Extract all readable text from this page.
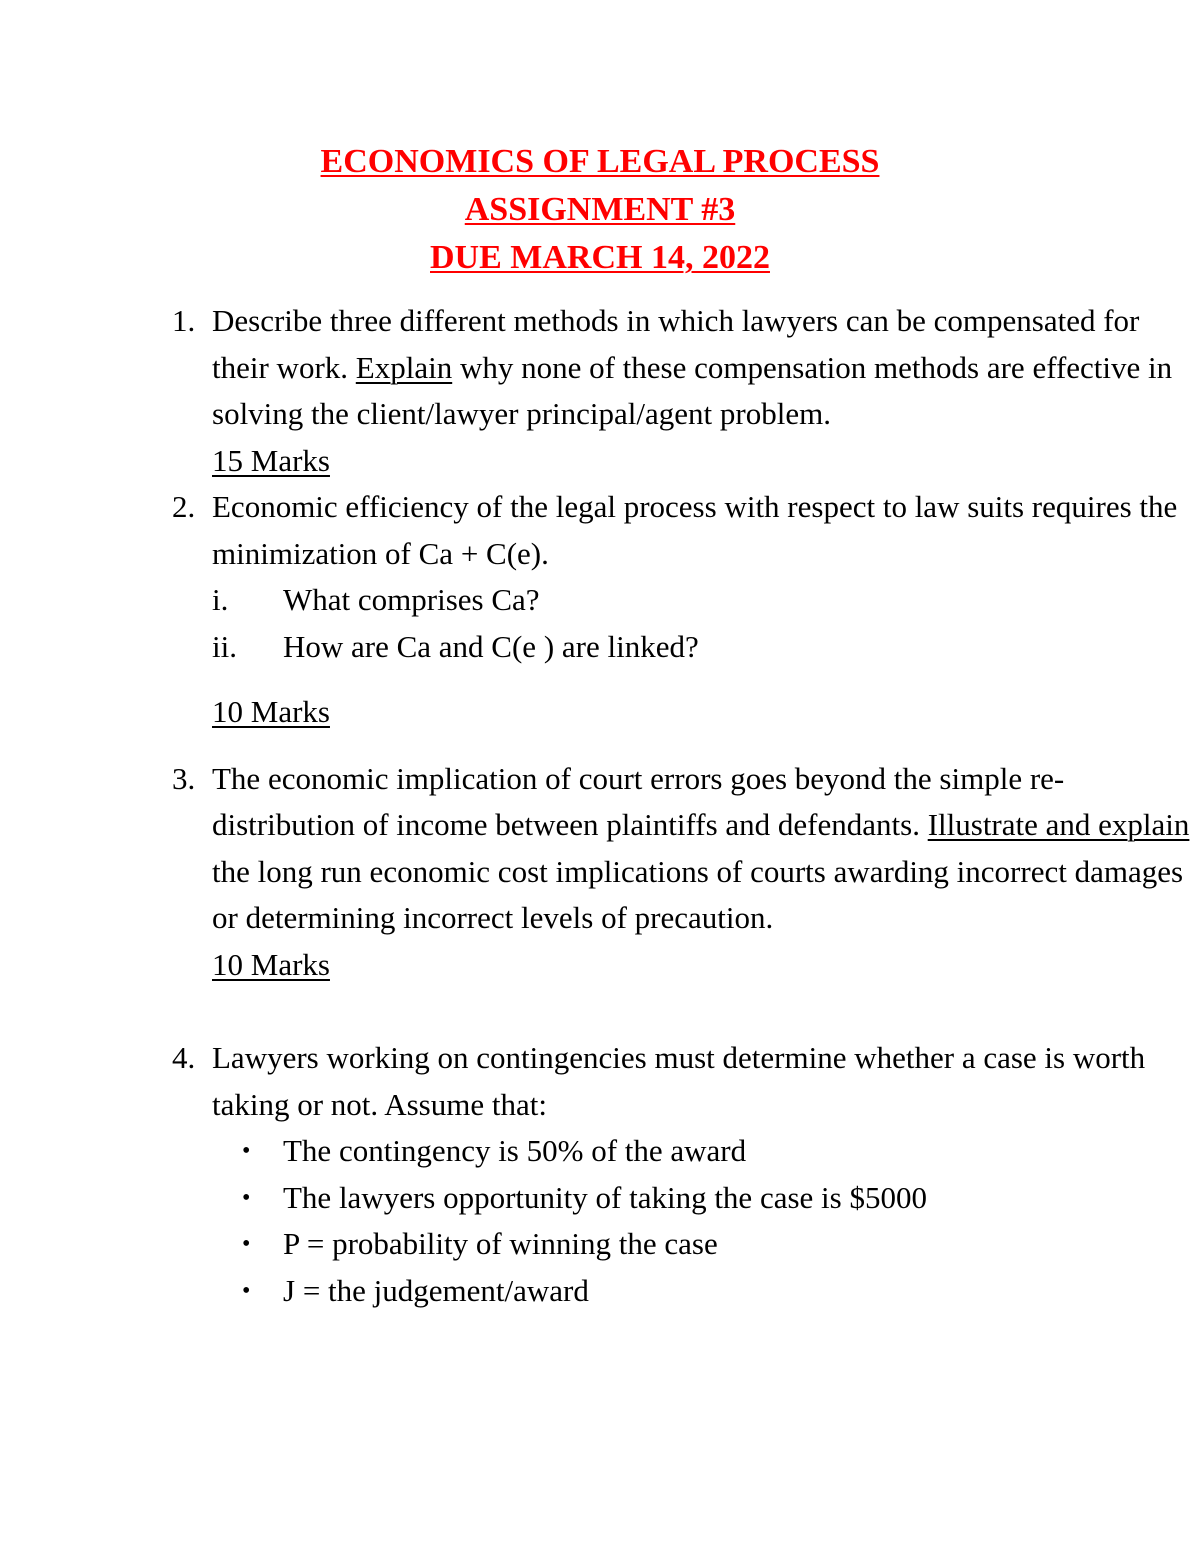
ECONOMICS OF LEGAL PROCESS
ASSIGNMENT #3
DUE MARCH 14, 2022
1. Describe three different methods in which lawyers can be compensated for their work. Explain why none of these compensation methods are effective in solving the client/lawyer principal/agent problem.
15 Marks
2. Economic efficiency of the legal process with respect to law suits requires the minimization of Ca + C(e).
i. What comprises Ca?
ii. How are Ca and C(e ) are linked?
10 Marks
3. The economic implication of court errors goes beyond the simple re-distribution of income between plaintiffs and defendants. Illustrate and explain the long run economic cost implications of courts awarding incorrect damages or determining incorrect levels of precaution.
10 Marks
4. Lawyers working on contingencies must determine whether a case is worth taking or not. Assume that:
• The contingency is 50% of the award
• The lawyers opportunity of taking the case is $5000
• P = probability of winning the case
• J = the judgement/award
